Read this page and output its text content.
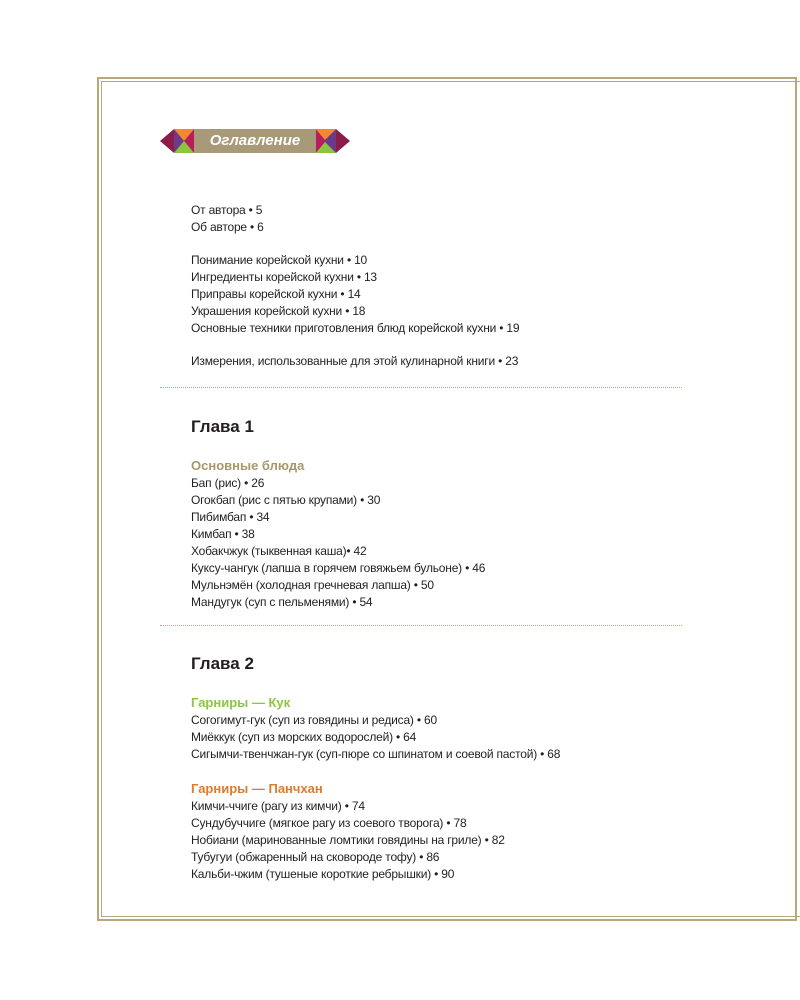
Оглавление
От автора • 5
Об авторе • 6
Понимание корейской кухни • 10
Ингредиенты корейской кухни • 13
Приправы корейской кухни • 14
Украшения корейской кухни • 18
Основные техники приготовления блюд корейской кухни • 19
Измерения, использованные для этой кулинарной книги • 23
Глава 1
Основные блюда
Бап (рис) • 26
Огокбап (рис с пятью крупами) • 30
Пибимбап • 34
Кимбап • 38
Хобакчжук (тыквенная каша)• 42
Куксу-чангук (лапша в горячем говяжьем бульоне) • 46
Мульнэмён (холодная гречневая лапша) • 50
Мандугук (суп с пельменями) • 54
Глава 2
Гарниры — Кук
Сoгогимут-гук (суп из говядины и редиса) • 60
Миёккук (суп из морских водорослей) • 64
Сигымчи-твенчжан-гук (суп-пюре со шпинатом и соевой пастой) • 68
Гарниры — Панчхан
Кимчи-ччиге (рагу из кимчи) • 74
Сундубуччиге (мягкое рагу из соевого творога) • 78
Нобиани (маринованные ломтики говядины на гриле) • 82
Тубугуи (обжаренный на сковороде тофу) • 86
Кальби-чжим (тушеные короткие ребрышки) • 90
